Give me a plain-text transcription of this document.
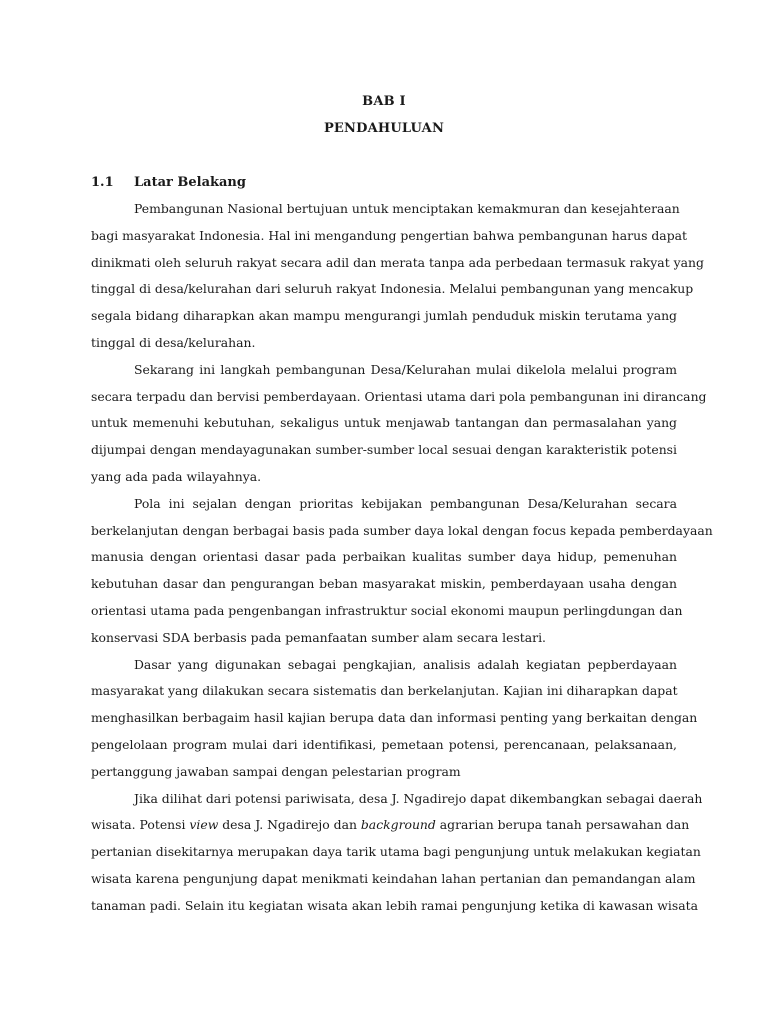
BAB I
PENDAHULUAN
1.1 Latar Belakang
Pembangunan Nasional bertujuan untuk menciptakan kemakmuran dan kesejahteraan
bagi masyarakat Indonesia. Hal ini mengandung pengertian bahwa pembangunan harus dapat
dinikmati oleh seluruh rakyat secara adil dan merata tanpa ada perbedaan termasuk rakyat yang
tinggal di desa/kelurahan dari seluruh rakyat Indonesia. Melalui pembangunan yang mencakup
segala bidang diharapkan akan mampu mengurangi jumlah penduduk miskin terutama yang
tinggal di desa/kelurahan.
Sekarang ini langkah pembangunan Desa/Kelurahan mulai dikelola melalui program
secara terpadu dan bervisi pemberdayaan. Orientasi utama dari pola pembangunan ini dirancang
untuk memenuhi kebutuhan, sekaligus untuk menjawab tantangan dan permasalahan yang
dijumpai dengan mendayagunakan sumber-sumber local sesuai dengan karakteristik potensi
yang ada pada wilayahnya.
Pola ini sejalan dengan prioritas kebijakan pembangunan Desa/Kelurahan secara
berkelanjutan dengan berbagai basis pada sumber daya lokal dengan focus kepada pemberdayaan
manusia dengan orientasi dasar pada perbaikan kualitas sumber daya hidup, pemenuhan
kebutuhan dasar dan pengurangan beban masyarakat miskin, pemberdayaan usaha dengan
orientasi utama pada pengenbangan infrastruktur social ekonomi maupun perlingdungan dan
konservasi SDA berbasis pada pemanfaatan sumber alam secara lestari.
Dasar yang digunakan sebagai pengkajian, analisis adalah kegiatan pepberdayaan
masyarakat yang dilakukan secara sistematis dan berkelanjutan. Kajian ini diharapkan dapat
menghasilkan berbagaim hasil kajian berupa data dan informasi penting yang berkaitan dengan
pengelolaan program mulai dari identifikasi, pemetaan potensi, perencanaan, pelaksanaan,
pertanggung jawaban sampai dengan pelestarian program
Jika dilihat dari potensi pariwisata, desa J. Ngadirejo dapat dikembangkan sebagai daerah
wisata. Potensi view desa J. Ngadirejo dan background agrarian berupa tanah persawahan dan
pertanian disekitarnya merupakan daya tarik utama bagi pengunjung untuk melakukan kegiatan
wisata karena pengunjung dapat menikmati keindahan lahan pertanian dan pemandangan alam
tanaman padi. Selain itu kegiatan wisata akan lebih ramai pengunjung ketika di kawasan wisata
